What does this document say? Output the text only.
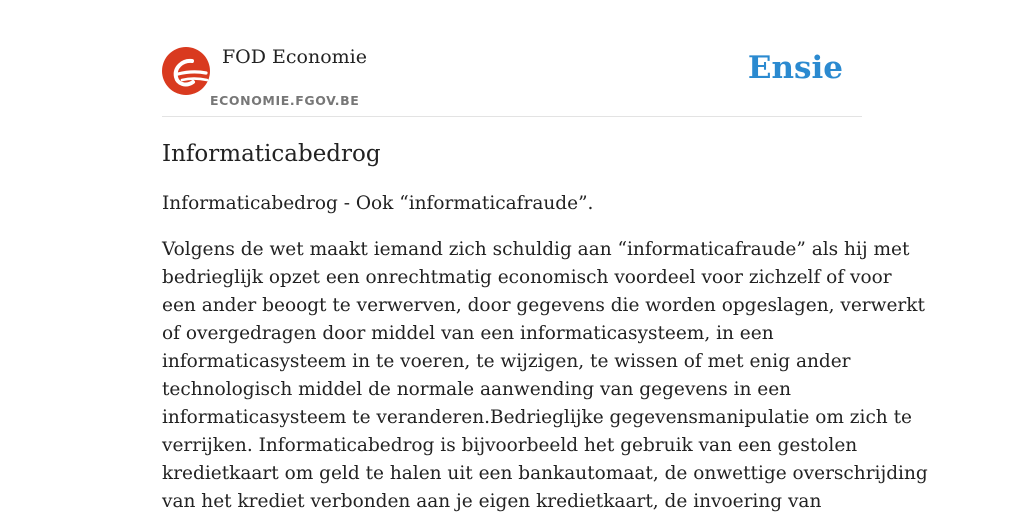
FOD Economie
ECONOMIE.FGOV.BE
Ensie
Informaticabedrog

Informaticabedrog - Ook “informaticafraude”.

Volgens de wet maakt iemand zich schuldig aan “informaticafraude” als hij met
bedrieglijk opzet een onrechtmatig economisch voordeel voor zichzelf of voor
een ander beoogt te verwerven, door gegevens die worden opgeslagen, verwerkt
of overgedragen door middel van een informaticasysteem, in een
informaticasysteem in te voeren, te wijzigen, te wissen of met enig ander
technologisch middel de normale aanwending van gegevens in een
informaticasysteem te veranderen.Bedrieglijke gegevensmanipulatie om zich te
verrijken. Informaticabedrog is bijvoorbeeld het gebruik van een gestolen
kredietkaart om geld te halen uit een bankautomaat, de onwettige overschrijding
van het krediet verbonden aan je eigen kredietkaart, de invoering van
